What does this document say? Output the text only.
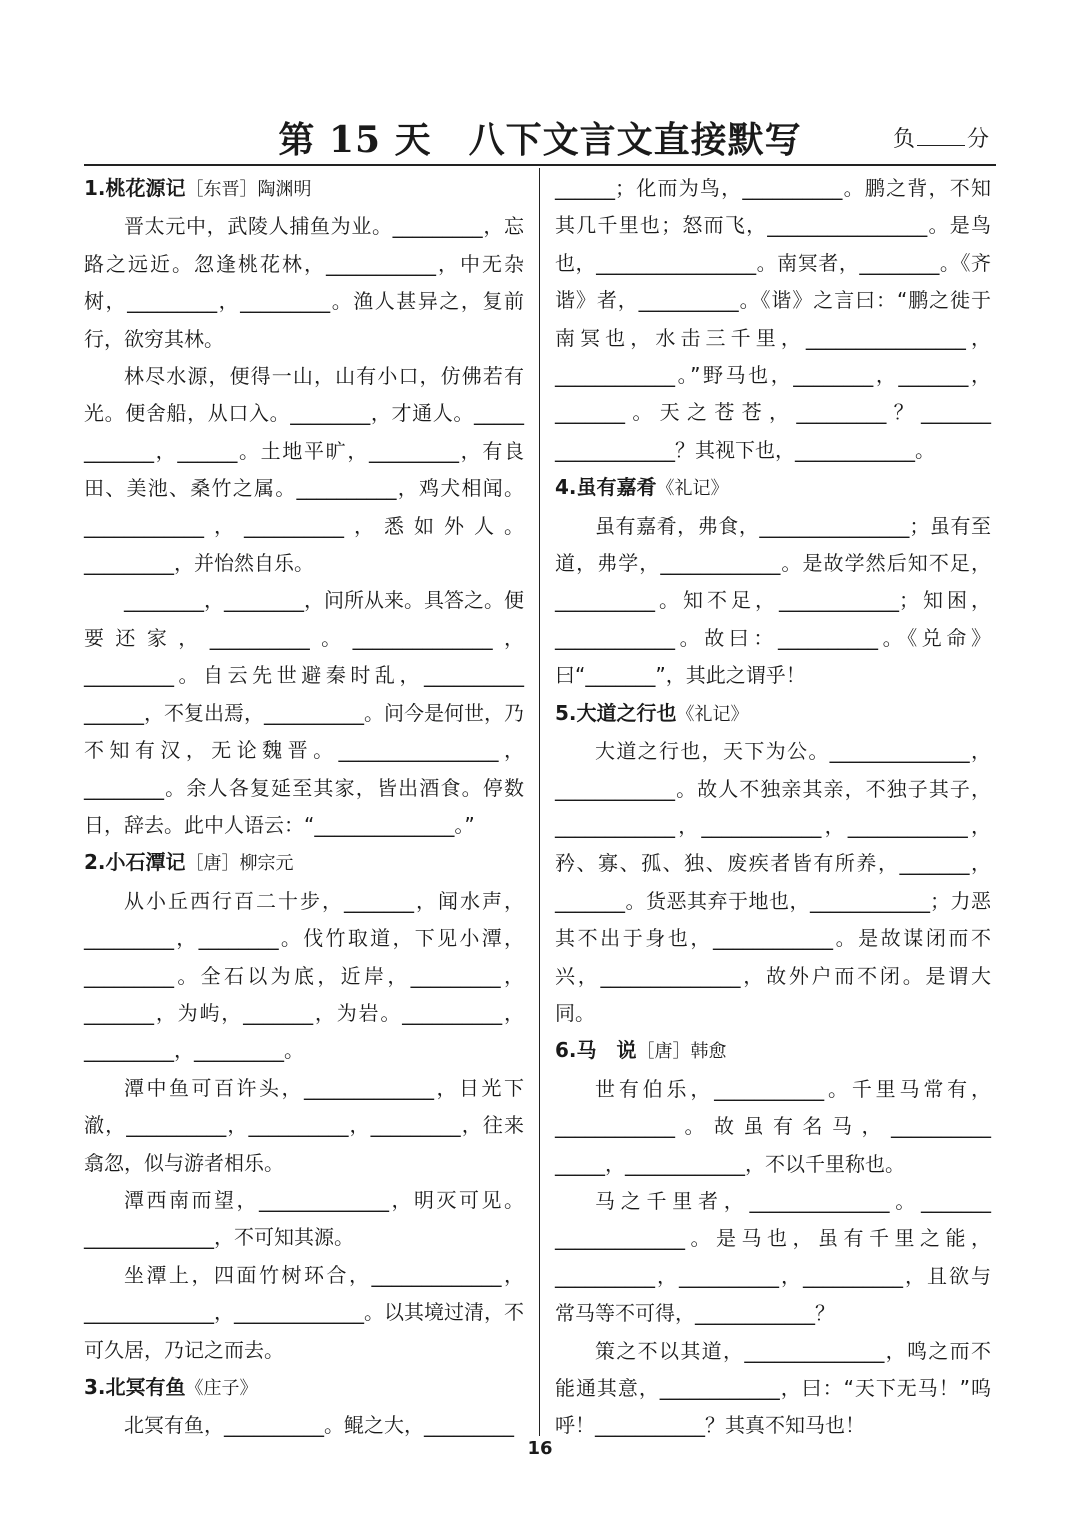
第 15 天　八下文言文直接默写	负 分

1.桃花源记［东晋］陶渊明

晋太元中，武陵人捕鱼为业。_________，忘路之远近。忽逢桃花林，___________，中无杂树，_________，_________。渔人甚异之，复前行，欲穷其林。

林尽水源，便得一山，山有小口，仿佛若有光。便舍船，从口入。________，才通人。_____ _______，______。土地平旷，_________，有良田、美池、桑竹之属。__________，鸡犬相闻。____________，__________，悉如外人。_________，并怡然自乐。

________，________，问所从来。具答之。便要还家，__________。______________，_________。自云先世避秦时乱，__________ ______，不复出焉，__________。问今是何世，乃不知有汉，无论魏晋。________________，________。余人各复延至其家，皆出酒食。停数日，辞去。此中人语云：“______________。”

2.小石潭记［唐］柳宗元

从小丘西行百二十步，_______，闻水声，_________，________。伐竹取道，下见小潭，_________。全石以为底，近岸，_________，_______，为屿，_______，为岩。__________，_________，_________。

潭中鱼可百许头，_____________，日光下澈，__________，__________，_________，往来翕忽，似与游者相乐。

潭西南而望，_____________，明灭可见。_____________，不可知其源。

坐潭上，四面竹树环合，_____________，_____________，_____________。以其境过清，不可久居，乃记之而去。

3.北冥有鱼《庄子》

北冥有鱼，__________。鲲之大，_________

______；化而为鸟，__________。鹏之背，不知其几千里也；怒而飞，________________。是鸟也，________________。南冥者，________。《齐谐》者，__________。《谐》之言曰：“鹏之徙于南冥也，水击三千里，________________，____________。”野马也，________，_______，_______。天之苍苍，_________？_______ ____________？其视下也，____________。

4.虽有嘉肴《礼记》

虽有嘉肴，弗食，_______________；虽有至道，弗学，____________。是故学然后知不足，__________。知不足，____________；知困，____________。故曰：__________。《兑命》曰“_______”，其此之谓乎！

5.大道之行也《礼记》

大道之行也，天下为公。______________，____________。故人不独亲其亲，不独子其子，____________，____________，____________，矜、寡、孤、独、废疾者皆有所养，_______，_______。货恶其弃于地也，____________；力恶其不出于身也，____________。是故谋闭而不兴，______________，故外户而不闭。是谓大同。

6.马　说［唐］韩愈

世有伯乐，___________。千里马常有，____________。故虽有名马，__________ _____，____________，不以千里称也。

马之千里者，______________。_______ _____________。是马也，虽有千里之能，__________，__________，__________，且欲与常马等不可得，____________？

策之不以其道，______________，鸣之而不能通其意，____________，曰：“天下无马！”呜呼！___________？其真不知马也！

16
